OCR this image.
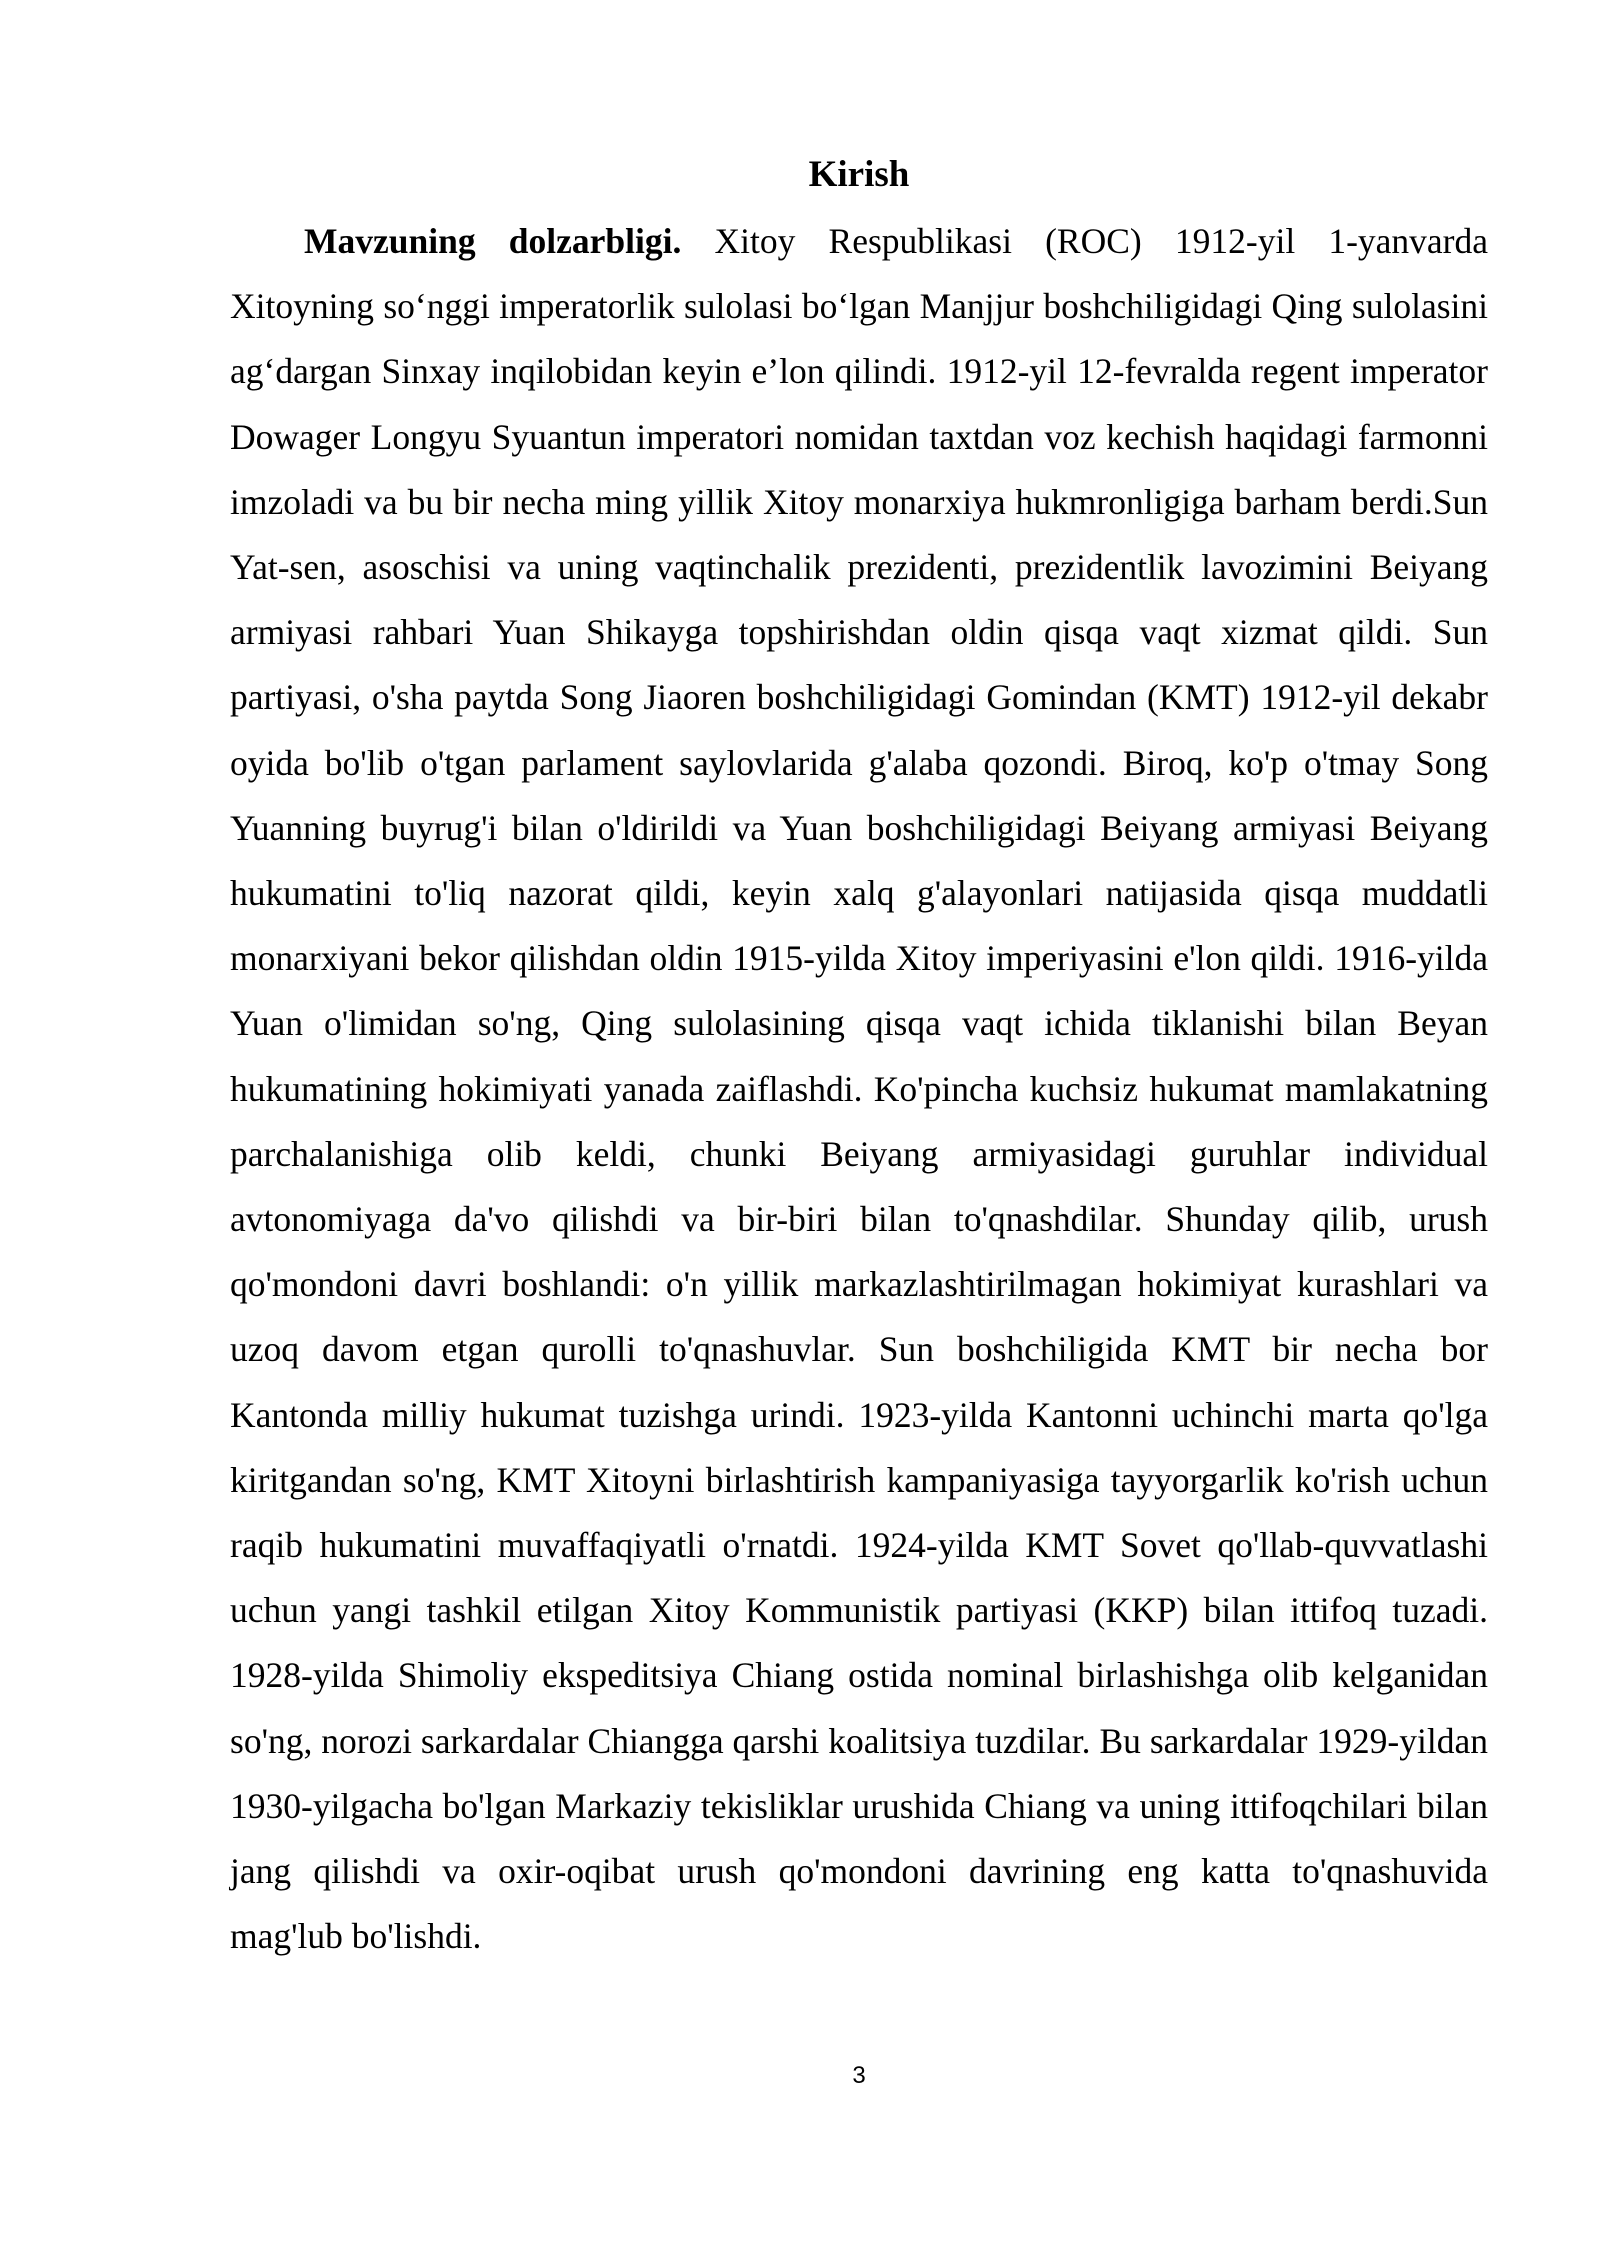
Kirish

Mavzuning dolzarbligi. Xitoy Respublikasi (ROC) 1912-yil 1-yanvarda Xitoyning so‘nggi imperatorlik sulolasi bo‘lgan Manjjur boshchiligidagi Qing sulolasini ag‘dargan Sinxay inqilobidan keyin e’lon qilindi. 1912-yil 12-fevralda regent imperator Dowager Longyu Syuantun imperatori nomidan taxtdan voz kechish haqidagi farmonni imzoladi va bu bir necha ming yillik Xitoy monarxiya hukmronligiga barham berdi.Sun Yat-sen, asoschisi va uning vaqtinchalik prezidenti, prezidentlik lavozimini Beiyang armiyasi rahbari Yuan Shikayga topshirishdan oldin qisqa vaqt xizmat qildi. Sun partiyasi, o'sha paytda Song Jiaoren boshchiligidagi Gomindan (KMT) 1912-yil dekabr oyida bo'lib o'tgan parlament saylovlarida g'alaba qozondi. Biroq, ko'p o'tmay Song Yuanning buyrug'i bilan o'ldirildi va Yuan boshchiligidagi Beiyang armiyasi Beiyang hukumatini to'liq nazorat qildi, keyin xalq g'alayonlari natijasida qisqa muddatli monarxiyani bekor qilishdan oldin 1915-yilda Xitoy imperiyasini e'lon qildi. 1916-yilda Yuan o'limidan so'ng, Qing sulolasining qisqa vaqt ichida tiklanishi bilan Beyan hukumatining hokimiyati yanada zaiflashdi. Ko'pincha kuchsiz hukumat mamlakatning parchalanishiga olib keldi, chunki Beiyang armiyasidagi guruhlar individual avtonomiyaga da'vo qilishdi va bir-biri bilan to'qnashdilar. Shunday qilib, urush qo'mondoni davri boshlandi: o'n yillik markazlashtirilmagan hokimiyat kurashlari va uzoq davom etgan qurolli to'qnashuvlar. Sun boshchiligida KMT bir necha bor Kantonda milliy hukumat tuzishga urindi. 1923-yilda Kantonni uchinchi marta qo'lga kiritgandan so'ng, KMT Xitoyni birlashtirish kampaniyasiga tayyorgarlik ko'rish uchun raqib hukumatini muvaffaqiyatli o'rnatdi. 1924-yilda KMT Sovet qo'llab-quvvatlashi uchun yangi tashkil etilgan Xitoy Kommunistik partiyasi (KKP) bilan ittifoq tuzadi. 1928-yilda Shimoliy ekspeditsiya Chiang ostida nominal birlashishga olib kelganidan so'ng, norozi sarkardalar Chiangga qarshi koalitsiya tuzdilar. Bu sarkardalar 1929-yildan 1930-yilgacha bo'lgan Markaziy tekisliklar urushida Chiang va uning ittifoqchilari bilan jang qilishdi va oxir-oqibat urush qo'mondoni davrining eng katta to'qnashuvida mag'lub bo'lishdi.

3
